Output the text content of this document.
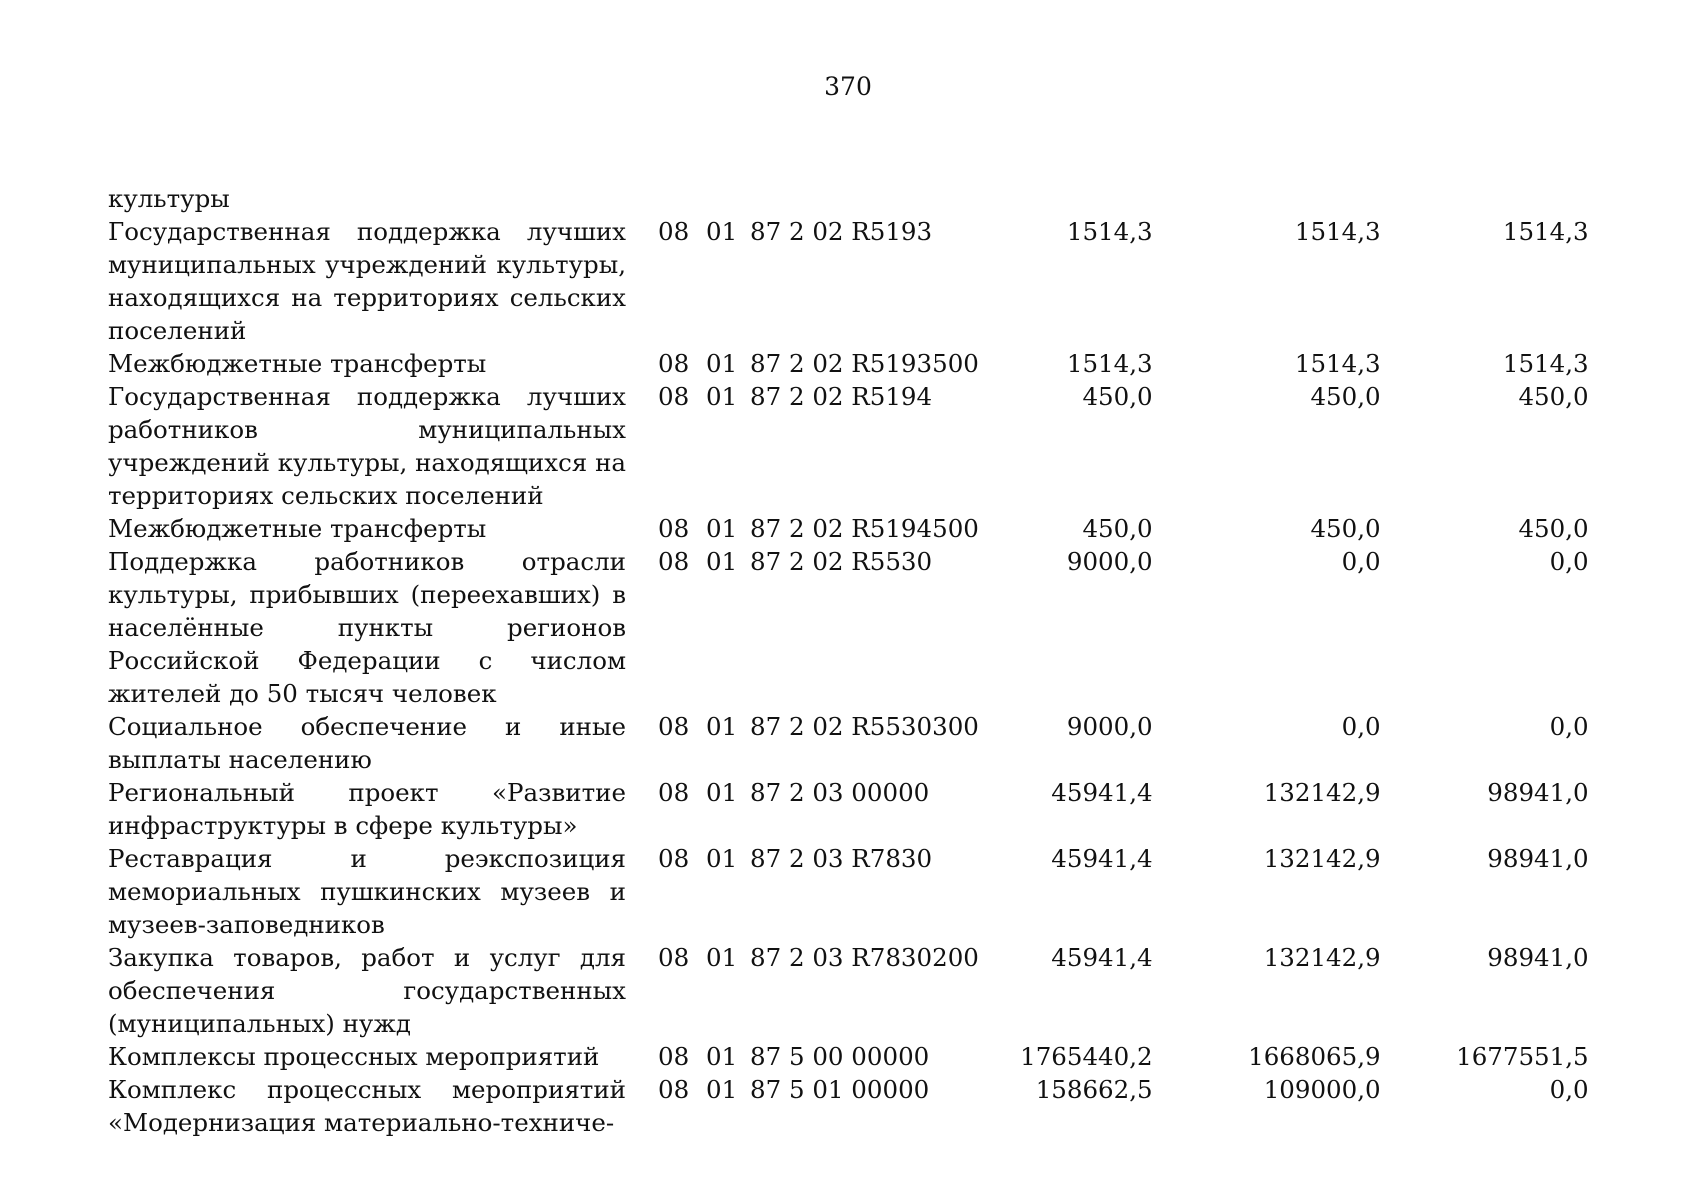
370
культуры							
Государственная поддержка лучших муниципальных учреждений культуры, находящихся на территориях сельских поселений	08	01	87 2 02 R5193		1514,3	1514,3	1514,3
Межбюджетные трансферты	08	01	87 2 02 R5193	500	1514,3	1514,3	1514,3
Государственная поддержка лучших работников муниципальных учреждений культуры, находящихся на территориях сельских поселений	08	01	87 2 02 R5194		450,0	450,0	450,0
Межбюджетные трансферты	08	01	87 2 02 R5194	500	450,0	450,0	450,0
Поддержка работников отрасли культуры, прибывших (переехавших) в населённые пункты регионов Российской Федерации с числом жителей до 50 тысяч человек	08	01	87 2 02 R5530		9000,0	0,0	0,0
Социальное обеспечение и иные выплаты населению	08	01	87 2 02 R5530	300	9000,0	0,0	0,0
Региональный проект «Развитие инфраструктуры в сфере культуры»	08	01	87 2 03 00000		45941,4	132142,9	98941,0
Реставрация и реэкспозиция мемориальных пушкинских музеев и музеев-заповедников	08	01	87 2 03 R7830		45941,4	132142,9	98941,0
Закупка товаров, работ и услуг для обеспечения государственных (муниципальных) нужд	08	01	87 2 03 R7830	200	45941,4	132142,9	98941,0
Комплексы процессных мероприятий	08	01	87 5 00 00000		1765440,2	1668065,9	1677551,5
Комплекс процессных мероприятий «Модернизация материально-техниче-	08	01	87 5 01 00000		158662,5	109000,0	0,0
